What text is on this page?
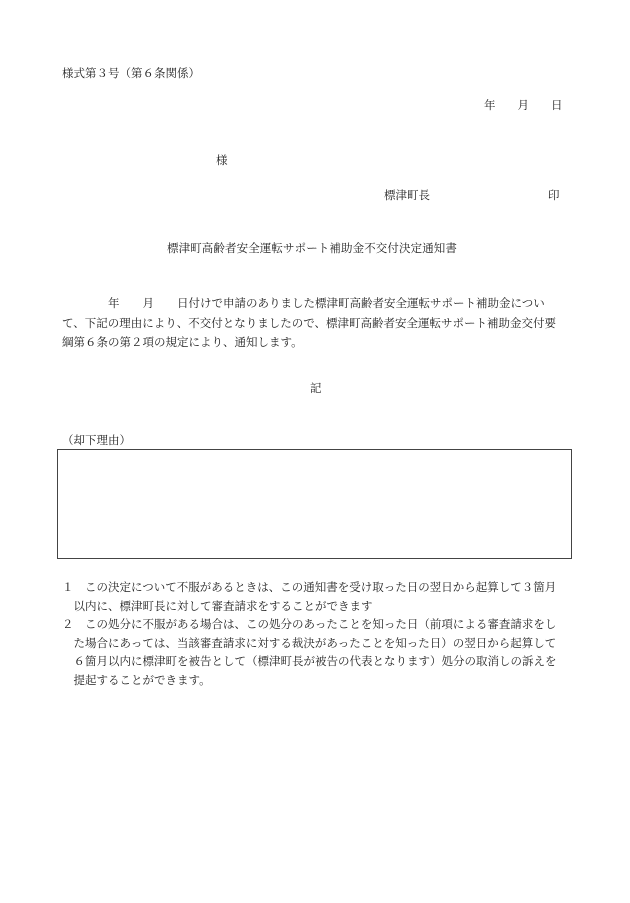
様式第３号（第６条関係）
年 月 日
様
標津町長	印
標津町高齢者安全運転サポート補助金不交付決定通知書
　　　　年　　月　　日付けで申請のありました標津町高齢者安全運転サポート補助金につい
て、下記の理由により、不交付となりましたので、標津町高齢者安全運転サポート補助金交付要
綱第６条の第２項の規定により、通知します。
記
（却下理由）
１　この決定について不服があるときは、この通知書を受け取った日の翌日から起算して３箇月
　以内に、標津町長に対して審査請求をすることができます
２　この処分に不服がある場合は、この処分のあったことを知った日（前項による審査請求をし
　た場合にあっては、当該審査請求に対する裁決があったことを知った日）の翌日から起算して
　６箇月以内に標津町を被告として（標津町長が被告の代表となります）処分の取消しの訴えを
　提起することができます。
